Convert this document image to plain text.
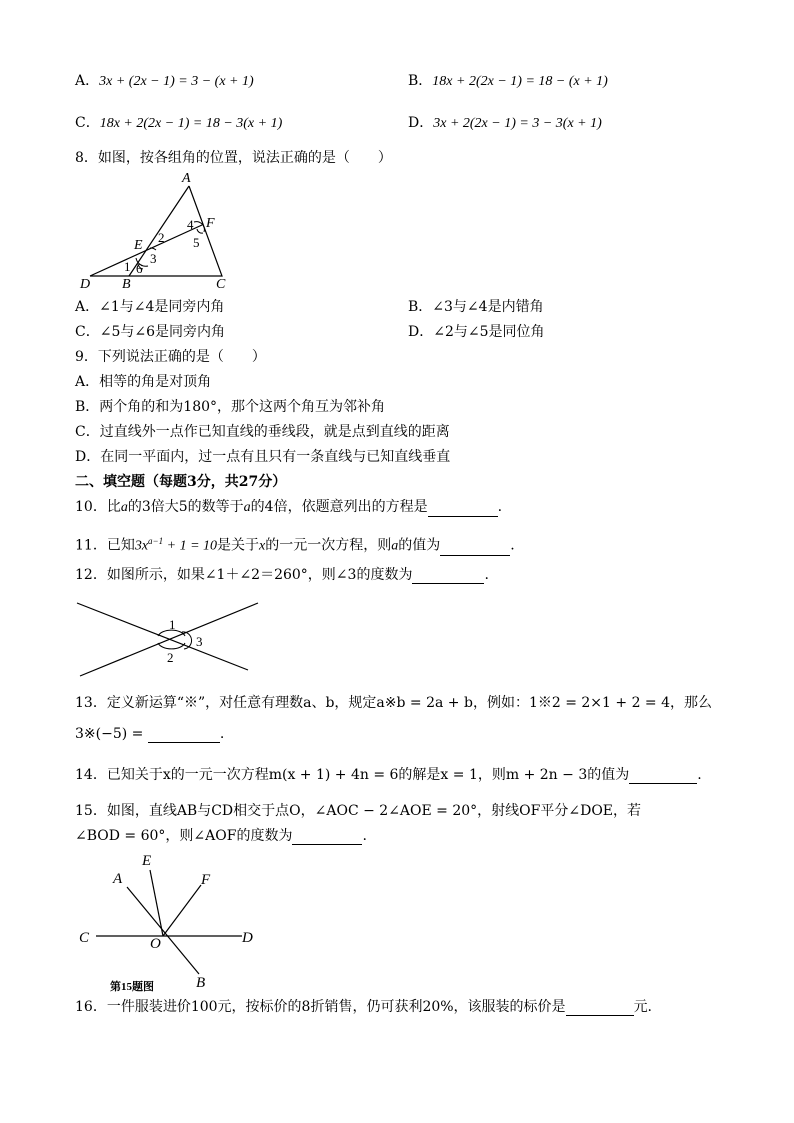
A．3x + (2x − 1) = 3 − (x + 1)	B．18x + 2(2x − 1) = 18 − (x + 1)
C．18x + 2(2x − 1) = 18 − 3(x + 1)	D．3x + 2(2x − 1) = 3 − 3(x + 1)
8．如图，按各组角的位置，说法正确的是（　　）
A
F
E
D B	C
1
2
3
4
5
6
A．∠1与∠4是同旁内角	B．∠3与∠4是内错角
C．∠5与∠6是同旁内角	D．∠2与∠5是同位角
9．下列说法正确的是（　　）
A．相等的角是对顶角
B．两个角的和为180°，那个这两个角互为邻补角
C．过直线外一点作已知直线的垂线段，就是点到直线的距离
D．在同一平面内，过一点有且只有一条直线与已知直线垂直
二、填空题（每题3分，共27分）
10．比a的3倍大5的数等于a的4倍，依题意列出的方程是	.
11．已知$3x^{a-1} + 1 = 10$是关于x的一元一次方程，则a的值为	.
12．如图所示，如果∠1＋∠2＝260°，则∠3的度数为	.
1
2
3
13．定义新运算“※”，对任意有理数a、b，规定a※b = 2a + b，例如：1※2 = 2×1 + 2 = 4，那么
3※(−5) =	.
14．已知关于x的一元一次方程m(x + 1) + 4n = 6的解是x = 1，则m + 2n − 3的值为	.
15．如图，直线AB与CD相交于点O，∠AOC − 2∠AOE = 20°，射线OF平分∠DOE，若
∠BOD = 60°，则∠AOF的度数为	.
E
A	F
C	O	D
B
第15题图
16．一件服装进价100元，按标价的8折销售，仍可获利20%，该服装的标价是	元.
